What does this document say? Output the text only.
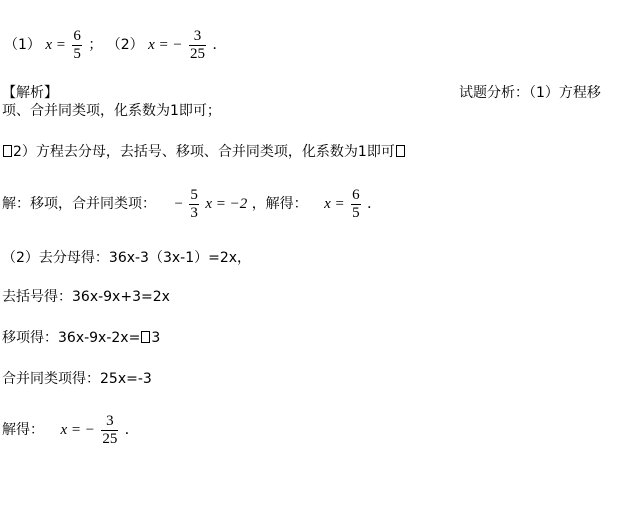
（1） $x = \frac{6}{5}$ ； （2） x = − $\frac{3}{25}$ ．
【解析】	试题分析：（1）方程移
项、合并同类项，化系数为1即可；
2）方程去分母，去括号、移项、合并同类项，化系数为1即可
解：移项，合并同类项： − $\frac{5}{3}$ x = −2 ，解得： $x = \frac{6}{5}$ ．
（2）去分母得：36x-3（3x-1）=2x，
去括号得：36x-9x+3=2x
移项得：36x-9x-2x= 3
合并同类项得：25x=-3
解得： x = − $\frac{3}{25}$ ．
